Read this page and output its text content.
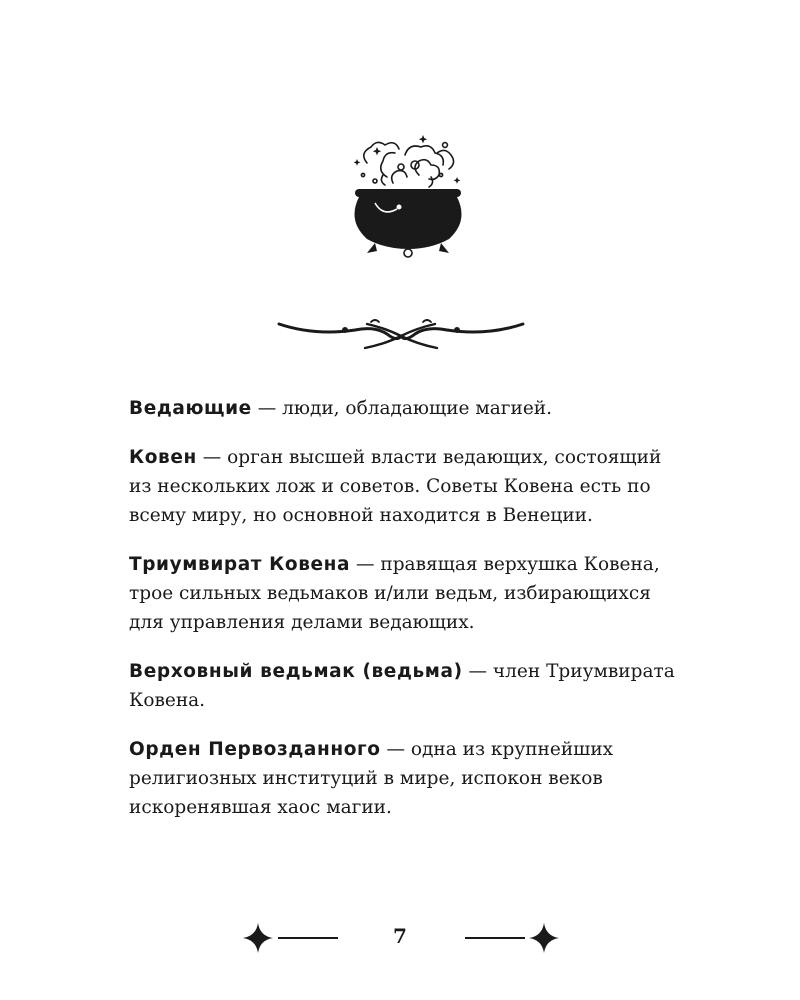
Ведающие — люди, обладающие магией.
Ковен — орган высшей власти ведающих, состоящий из нескольких лож и советов. Советы Ковена есть по всему миру, но основной находится в Венеции.
Триумвират Ковена — правящая верхушка Ковена, трое сильных ведьмаков и/или ведьм, избирающихся для управления делами ведающих.
Верховный ведьмак (ведьма) — член Триумвирата Ковена.
Орден Первозданного — одна из крупнейших религиозных институций в мире, испокон веков искоренявшая хаос магии.
7
